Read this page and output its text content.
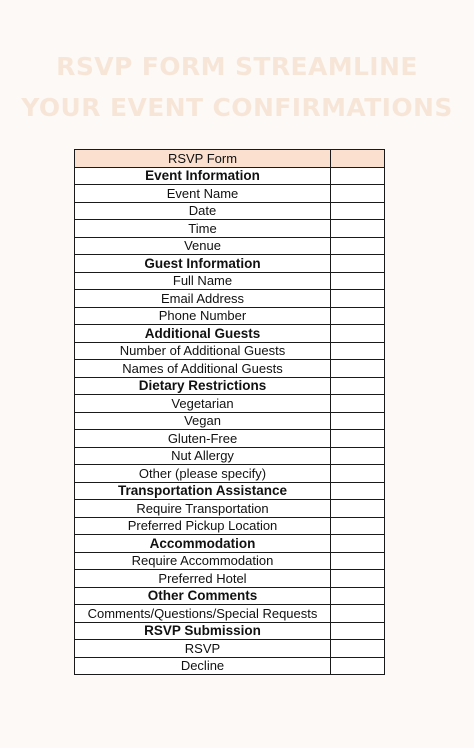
RSVP FORM STREAMLINE
YOUR EVENT CONFIRMATIONS
RSVP Form	
Event Information	
Event Name	
Date	
Time	
Venue	
Guest Information	
Full Name	
Email Address	
Phone Number	
Additional Guests	
Number of Additional Guests	
Names of Additional Guests	
Dietary Restrictions	
Vegetarian	
Vegan	
Gluten-Free	
Nut Allergy	
Other (please specify)	
Transportation Assistance	
Require Transportation	
Preferred Pickup Location	
Accommodation	
Require Accommodation	
Preferred Hotel	
Other Comments	
Comments/Questions/Special Requests	
RSVP Submission	
RSVP	
Decline	
